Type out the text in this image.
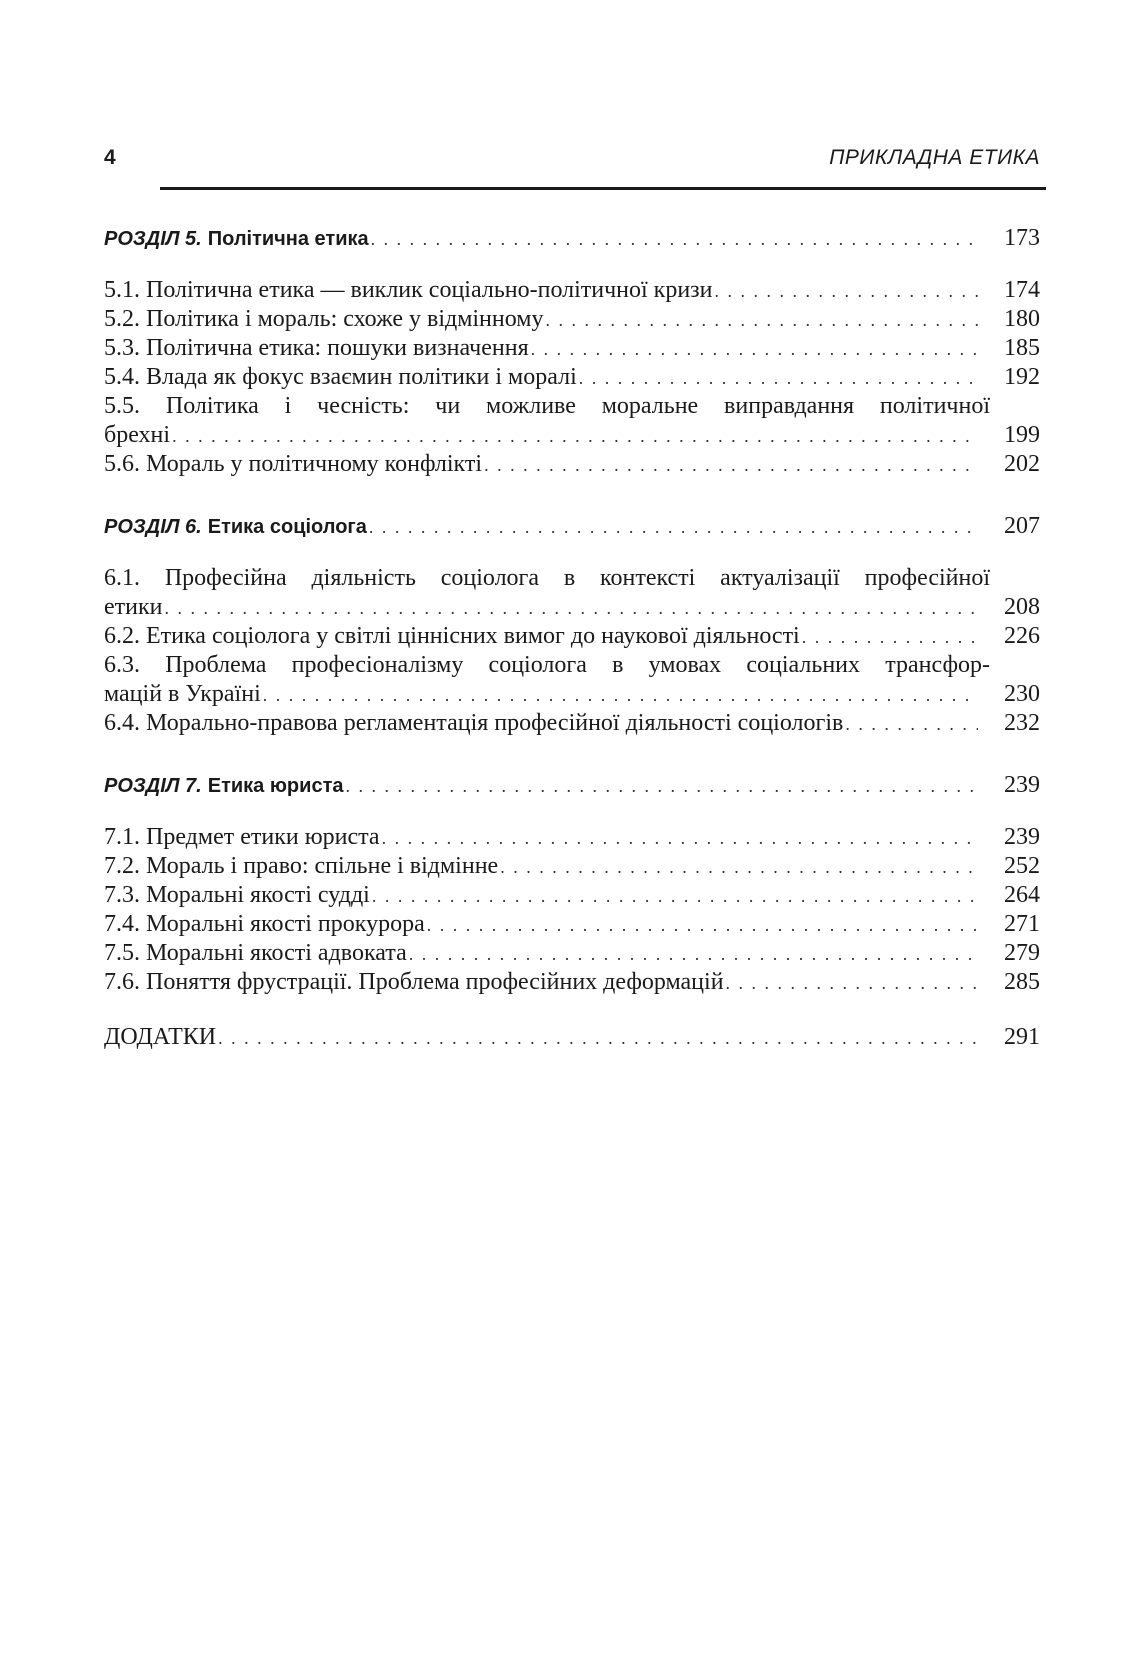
4	ПРИКЛАДНА ЕТИКА
РОЗДІЛ 5. Політична етика . . .	173
5.1. Політична етика — виклик соціально-політичної кризи . . .	174
5.2. Політика і мораль: схоже у відмінному . . .	180
5.3. Політична етика: пошуки визначення . . .	185
5.4. Влада як фокус взаємин політики і моралі . . .	192
5.5. Політика і чесність: чи можливе моральне виправдання політичної
брехні . . .	199
5.6. Мораль у політичному конфлікті . . .	202
РОЗДІЛ 6. Етика соціолога . . .	207
6.1. Професійна діяльність соціолога в контексті актуалізації професійної
етики . . .	208
6.2. Етика соціолога у світлі ціннісних вимог до наукової діяльності . . .	226
6.3. Проблема професіоналізму соціолога в умовах соціальних трансфор-
мацій в Україні . . .	230
6.4. Морально-правова регламентація професійної діяльності соціологів . . .	232
РОЗДІЛ 7. Етика юриста . . .	239
7.1. Предмет етики юриста . . .	239
7.2. Мораль і право: спільне і відмінне . . .	252
7.3. Моральні якості судді . . .	264
7.4. Моральні якості прокурора . . .	271
7.5. Моральні якості адвоката . . .	279
7.6. Поняття фрустрації. Проблема професійних деформацій . . .	285
ДОДАТКИ . . .	291
